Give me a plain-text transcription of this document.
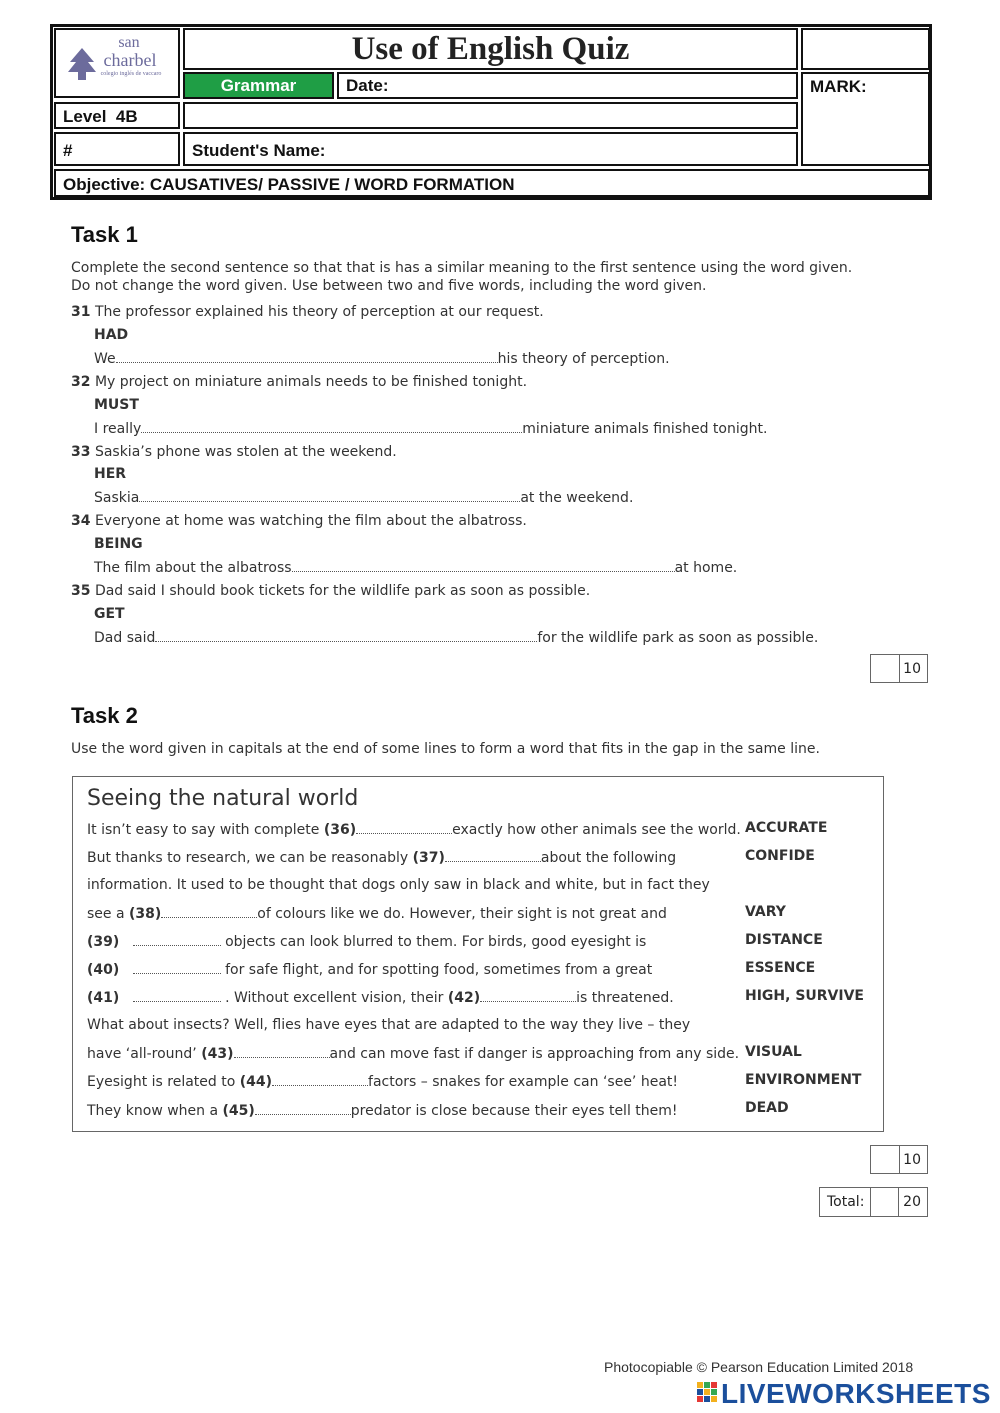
san
charbel
colegio inglés de vaccaro
Use of English Quiz
Grammar	Date:	MARK:
Level  4B
#	Student's Name:
Objective: CAUSATIVES/ PASSIVE / WORD FORMATION
Task 1
Complete the second sentence so that that is has a similar meaning to the first sentence using the word given.
Do not change the word given. Use between two and five words, including the word given.
31 The professor explained his theory of perception at our request.
HAD
We	his theory of perception.
32 My project on miniature animals needs to be finished tonight.
MUST
I really	miniature animals finished tonight.
33 Saskia’s phone was stolen at the weekend.
HER
Saskia	at the weekend.
34 Everyone at home was watching the film about the albatross.
BEING
The film about the albatross	at home.
35 Dad said I should book tickets for the wildlife park as soon as possible.
GET
Dad said	for the wildlife park as soon as possible.
10
Task 2
Use the word given in capitals at the end of some lines to form a word that fits in the gap in the same line.
Seeing the natural world
It isn’t easy to say with complete (36)	exactly how other animals see the world. ACCURATE
But thanks to research, we can be reasonably (37)	about the following	CONFIDE
information. It used to be thought that dogs only saw in black and white, but in fact they
see a (38)	of colours like we do. However, their sight is not great and	VARY
(39)	objects can look blurred to them. For birds, good eyesight is	DISTANCE
(40)	for safe flight, and for spotting food, sometimes from a great	ESSENCE
(41)	. Without excellent vision, their (42)	is threatened.	HIGH, SURVIVE
What about insects? Well, flies have eyes that are adapted to the way they live – they
have ‘all-round’ (43)	and can move fast if danger is approaching from any side. VISUAL
Eyesight is related to (44)	factors – snakes for example can ‘see’ heat!	ENVIRONMENT
They know when a (45)	predator is close because their eyes tell them!	DEAD
10
Total:	20
Photocopiable © Pearson Education Limited 2018
LIVEWORKSHEETS
